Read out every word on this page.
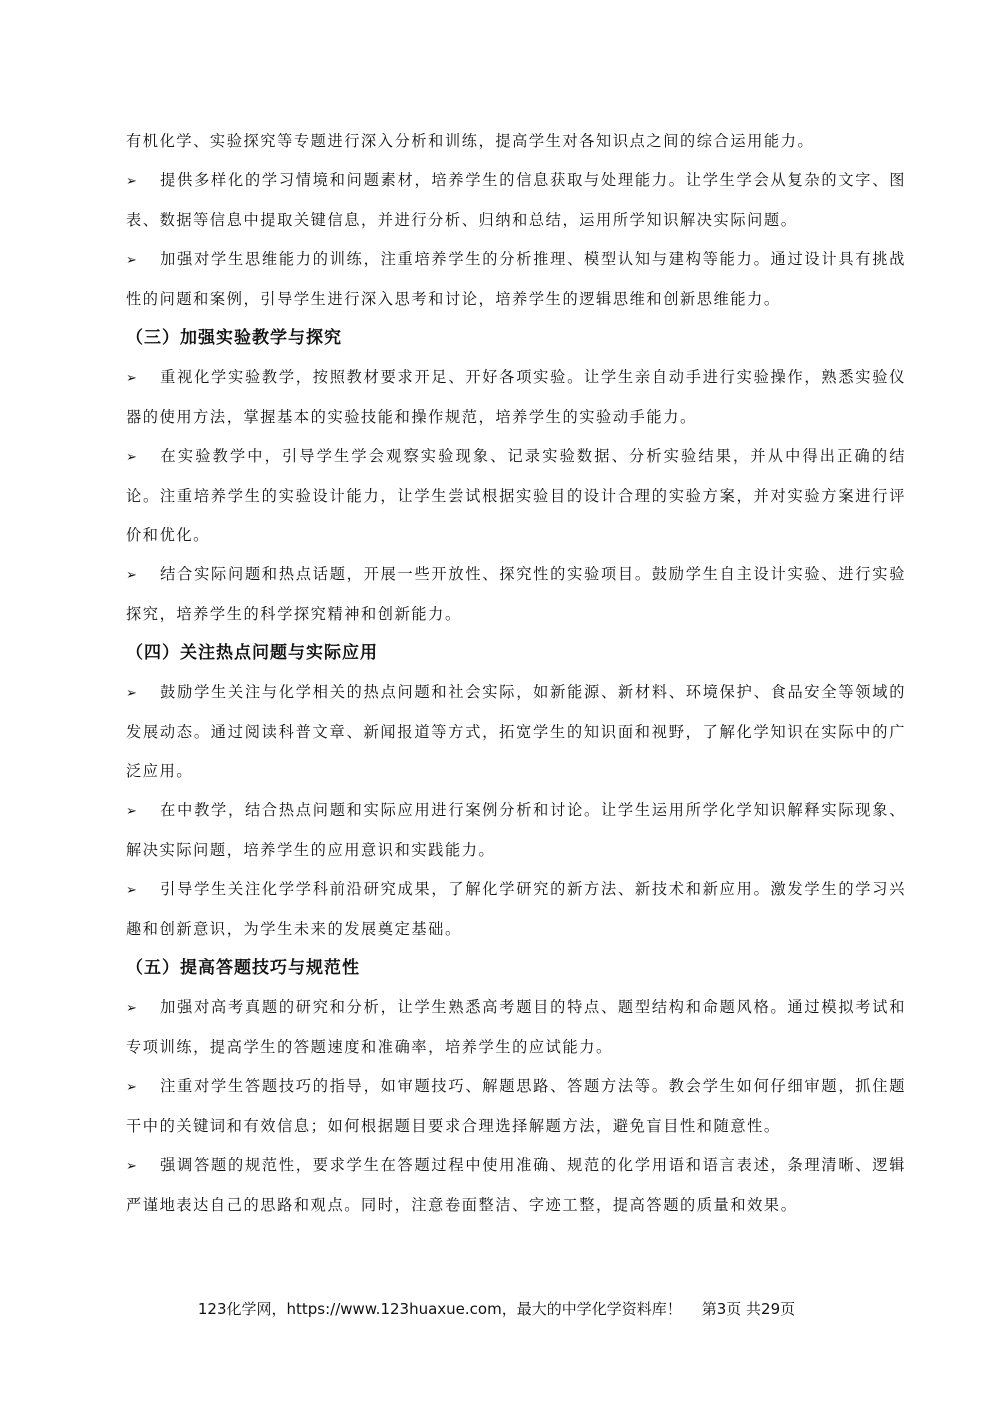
有机化学、实验探究等专题进行深入分析和训练，提高学生对各知识点之间的综合运用能力。

➢ 提供多样化的学习情境和问题素材，培养学生的信息获取与处理能力。让学生学会从复杂的文字、图表、数据等信息中提取关键信息，并进行分析、归纳和总结，运用所学知识解决实际问题。

➢ 加强对学生思维能力的训练，注重培养学生的分析推理、模型认知与建构等能力。通过设计具有挑战性的问题和案例，引导学生进行深入思考和讨论，培养学生的逻辑思维和创新思维能力。

（三）加强实验教学与探究

➢ 重视化学实验教学，按照教材要求开足、开好各项实验。让学生亲自动手进行实验操作，熟悉实验仪器的使用方法，掌握基本的实验技能和操作规范，培养学生的实验动手能力。

➢ 在实验教学中，引导学生学会观察实验现象、记录实验数据、分析实验结果，并从中得出正确的结论。注重培养学生的实验设计能力，让学生尝试根据实验目的设计合理的实验方案，并对实验方案进行评价和优化。

➢ 结合实际问题和热点话题，开展一些开放性、探究性的实验项目。鼓励学生自主设计实验、进行实验探究，培养学生的科学探究精神和创新能力。

（四）关注热点问题与实际应用

➢ 鼓励学生关注与化学相关的热点问题和社会实际，如新能源、新材料、环境保护、食品安全等领域的发展动态。通过阅读科普文章、新闻报道等方式，拓宽学生的知识面和视野，了解化学知识在实际中的广泛应用。

➢ 在中教学，结合热点问题和实际应用进行案例分析和讨论。让学生运用所学化学知识解释实际现象、解决实际问题，培养学生的应用意识和实践能力。

➢ 引导学生关注化学学科前沿研究成果，了解化学研究的新方法、新技术和新应用。激发学生的学习兴趣和创新意识，为学生未来的发展奠定基础。

（五）提高答题技巧与规范性

➢ 加强对高考真题的研究和分析，让学生熟悉高考题目的特点、题型结构和命题风格。通过模拟考试和专项训练，提高学生的答题速度和准确率，培养学生的应试能力。

➢ 注重对学生答题技巧的指导，如审题技巧、解题思路、答题方法等。教会学生如何仔细审题，抓住题干中的关键词和有效信息；如何根据题目要求合理选择解题方法，避免盲目性和随意性。

➢ 强调答题的规范性，要求学生在答题过程中使用准确、规范的化学用语和语言表述，条理清晰、逻辑严谨地表达自己的思路和观点。同时，注意卷面整洁、字迹工整，提高答题的质量和效果。

123化学网，https://www.123huaxue.com，最大的中学化学资料库！ 第3页 共29页
